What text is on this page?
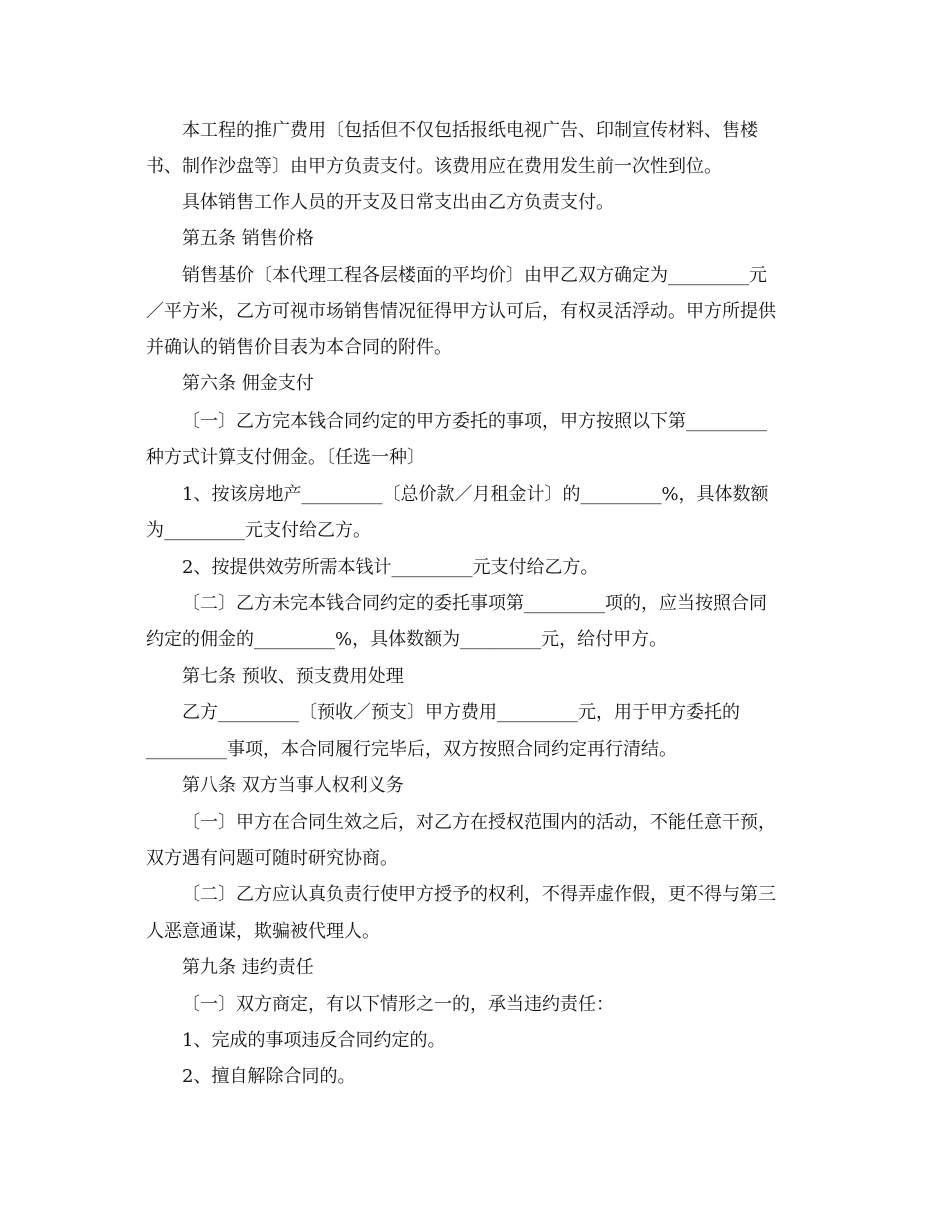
本工程的推广费用〔包括但不仅包括报纸电视广告、印制宣传材料、售楼
书、制作沙盘等〕由甲方负责支付。该费用应在费用发生前一次性到位。
具体销售工作人员的开支及日常支出由乙方负责支付。
第五条 销售价格
销售基价〔本代理工程各层楼面的平均价〕由甲乙双方确定为_________元
／平方米，乙方可视市场销售情况征得甲方认可后，有权灵活浮动。甲方所提供
并确认的销售价目表为本合同的附件。
第六条 佣金支付
〔一〕乙方完本钱合同约定的甲方委托的事项，甲方按照以下第_________
种方式计算支付佣金。〔任选一种〕
1、按该房地产_________〔总价款／月租金计〕的_________%，具体数额
为_________元支付给乙方。
2、按提供效劳所需本钱计_________元支付给乙方。
〔二〕乙方未完本钱合同约定的委托事项第_________项的，应当按照合同
约定的佣金的_________%，具体数额为_________元，给付甲方。
第七条 预收、预支费用处理
乙方_________〔预收／预支〕甲方费用_________元，用于甲方委托的
_________事项，本合同履行完毕后，双方按照合同约定再行清结。
第八条 双方当事人权利义务
〔一〕甲方在合同生效之后，对乙方在授权范围内的活动，不能任意干预，
双方遇有问题可随时研究协商。
〔二〕乙方应认真负责行使甲方授予的权利，不得弄虚作假，更不得与第三
人恶意通谋，欺骗被代理人。
第九条 违约责任
〔一〕双方商定，有以下情形之一的，承当违约责任：
1、完成的事项违反合同约定的。
2、擅自解除合同的。
